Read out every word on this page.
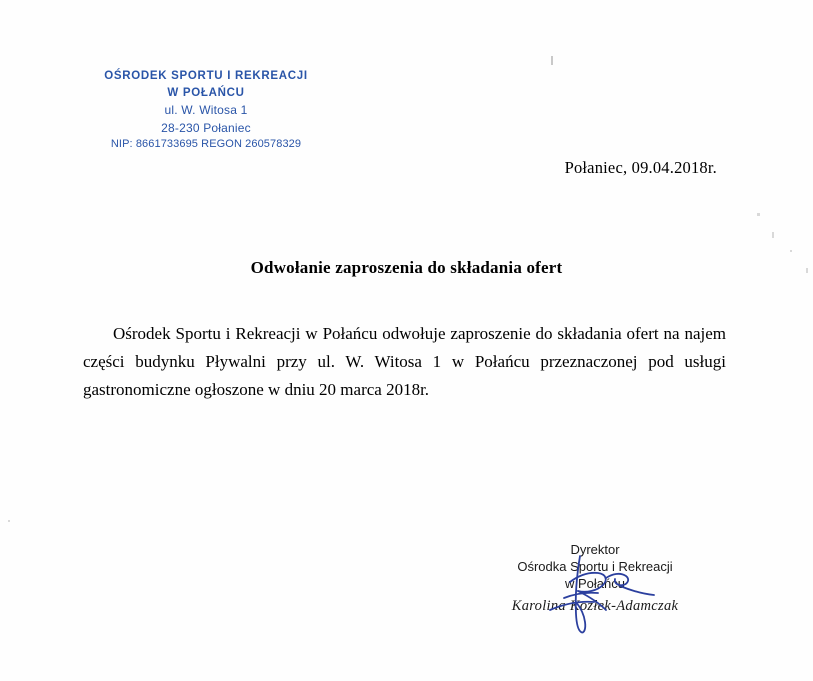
OŚRODEK SPORTU I REKREACJI
W POŁAŃCU
ul. W. Witosa 1
28-230 Połaniec
NIP: 8661733695 REGON 260578329
Połaniec, 09.04.2018r.
Odwołanie zaproszenia do składania ofert
Ośrodek Sportu i Rekreacji w Połańcu odwołuje zaproszenie do składania ofert na najem części budynku Pływalni przy ul. W. Witosa 1 w Połańcu przeznaczonej pod usługi gastronomiczne ogłoszone w dniu 20 marca 2018r.
Dyrektor
Ośrodka Sportu i Rekreacji
w Połańcu
Karolina Kozłek-Adamczak
